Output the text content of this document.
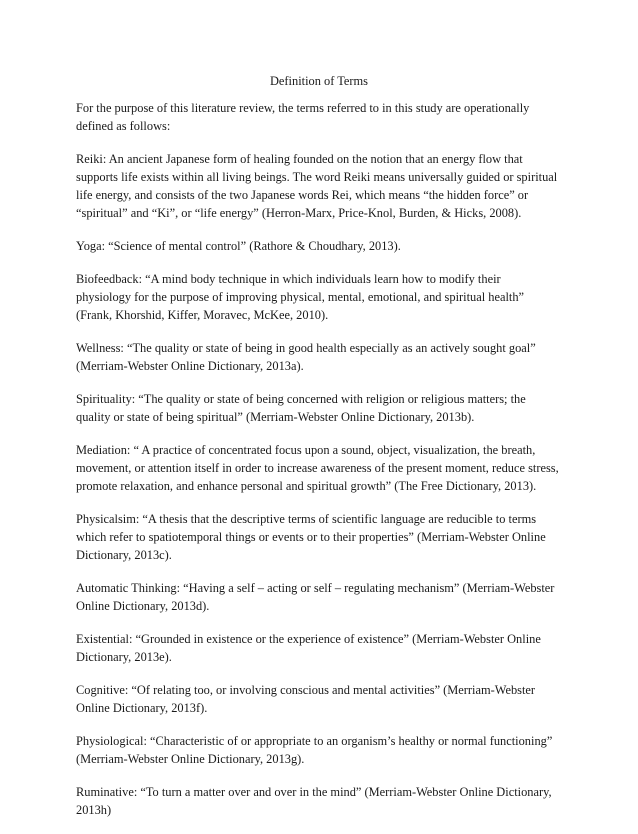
Definition of Terms

For the purpose of this literature review, the terms referred to in this study are operationally
defined as follows:

Reiki: An ancient Japanese form of healing founded on the notion that an energy flow that
supports life exists within all living beings. The word Reiki means universally guided or spiritual
life energy, and consists of the two Japanese words Rei, which means “the hidden force” or
“spiritual” and “Ki”, or “life energy” (Herron-Marx, Price-Knol, Burden, & Hicks, 2008).

Yoga: “Science of mental control” (Rathore & Choudhary, 2013).

Biofeedback: “A mind body technique in which individuals learn how to modify their
physiology for the purpose of improving physical, mental, emotional, and spiritual health”
(Frank, Khorshid, Kiffer, Moravec, McKee, 2010).

Wellness: “The quality or state of being in good health especially as an actively sought goal”
(Merriam-Webster Online Dictionary, 2013a).

Spirituality: “The quality or state of being concerned with religion or religious matters; the
quality or state of being spiritual” (Merriam-Webster Online Dictionary, 2013b).

Mediation: “ A practice of concentrated focus upon a sound, object, visualization, the breath,
movement, or attention itself in order to increase awareness of the present moment, reduce stress,
promote relaxation, and enhance personal and spiritual growth” (The Free Dictionary, 2013).

Physicalsim: “A thesis that the descriptive terms of scientific language are reducible to terms
which refer to spatiotemporal things or events or to their properties” (Merriam-Webster Online
Dictionary, 2013c).

Automatic Thinking: “Having a self – acting or self – regulating mechanism” (Merriam-Webster
Online Dictionary, 2013d).

Existential: “Grounded in existence or the experience of existence” (Merriam-Webster Online
Dictionary, 2013e).

Cognitive: “Of relating too, or involving conscious and mental activities” (Merriam-Webster
Online Dictionary, 2013f).

Physiological: “Characteristic of or appropriate to an organism’s healthy or normal functioning”
(Merriam-Webster Online Dictionary, 2013g).

Ruminative: “To turn a matter over and over in the mind” (Merriam-Webster Online Dictionary,
2013h)
